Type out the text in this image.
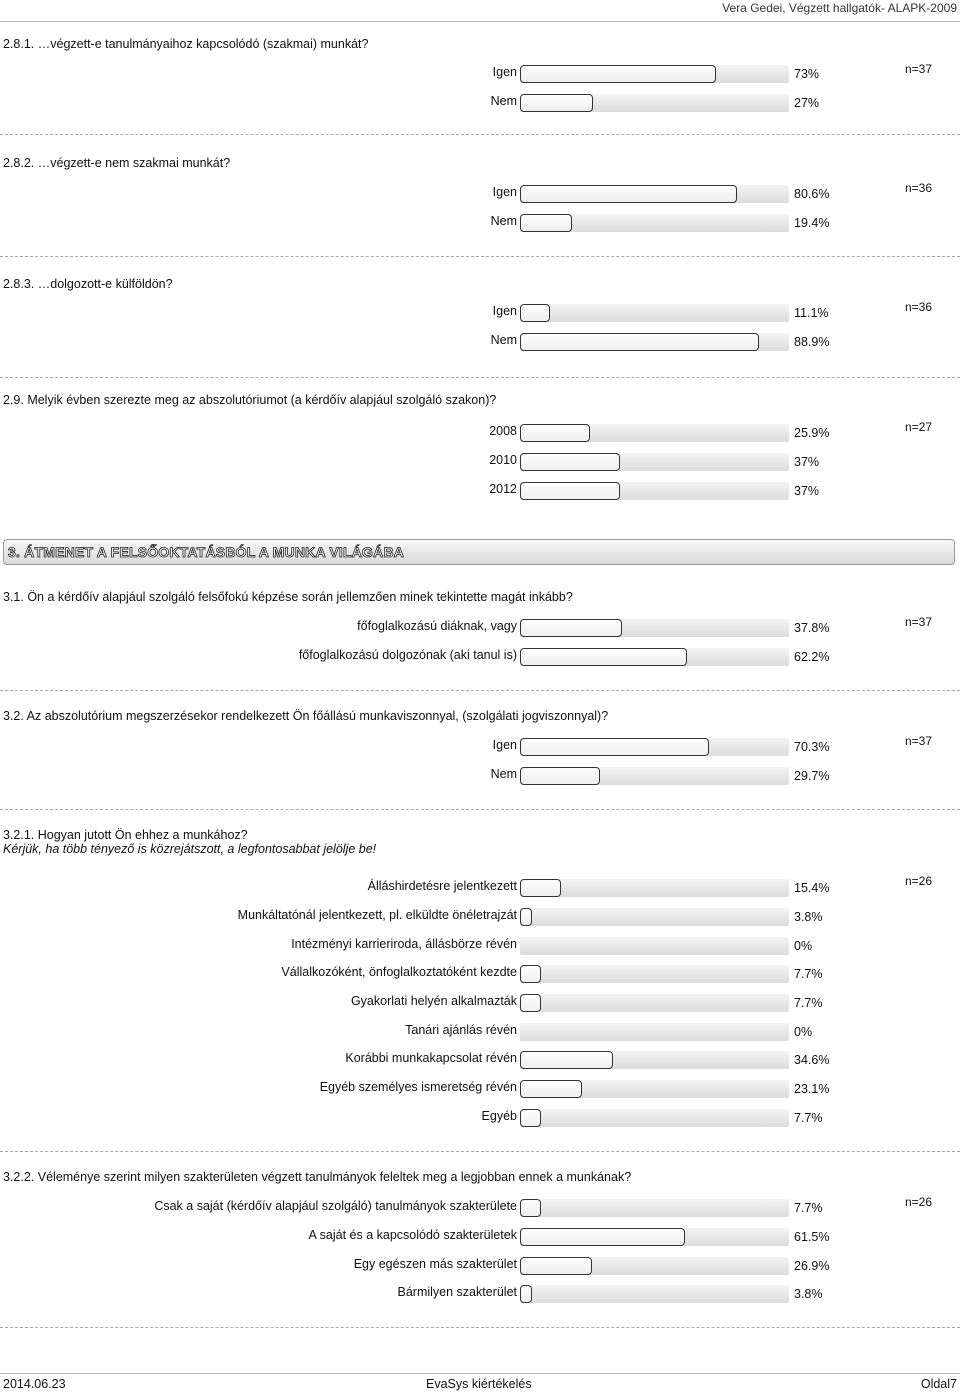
Vera Gedei, Végzett hallgatók- ALAPK-2009
2.8.1. …végzett-e tanulmányaihoz kapcsolódó (szakmai) munkát?
n=37
Igen	73%
Nem	27%
2.8.2. …végzett-e nem szakmai munkát?
n=36
Igen	80.6%
Nem	19.4%
2.8.3. …dolgozott-e külföldön?
n=36
Igen	11.1%
Nem	88.9%
2.9. Melyik évben szerezte meg az abszolutóriumot (a kérdőív alapjául szolgáló szakon)?
n=27
2008	25.9%
2010	37%
2012	37%
3. ÁTMENET A FELSŐOKTATÁSBÓL A MUNKA VILÁGÁBA
3.1. Ön a kérdőív alapjául szolgáló felsőfokú képzése során jellemzően minek tekintette magát inkább?
n=37
főfoglalkozású diáknak, vagy	37.8%
főfoglalkozású dolgozónak (aki tanul is)	62.2%
3.2. Az abszolutórium megszerzésekor rendelkezett Ön főállású munkaviszonnyal, (szolgálati jogviszonnyal)?
n=37
Igen	70.3%
Nem	29.7%
3.2.1. Hogyan jutott Ön ehhez a munkához?
Kérjük, ha több tényező is közrejátszott, a legfontosabbat jelölje be!
n=26
Álláshirdetésre jelentkezett	15.4%
Munkáltatónál jelentkezett, pl. elküldte önéletrajzát	3.8%
Intézményi karrieriroda, állásbörze révén	0%
Vállalkozóként, önfoglalkoztatóként kezdte	7.7%
Gyakorlati helyén alkalmazták	7.7%
Tanári ajánlás révén	0%
Korábbi munkakapcsolat révén	34.6%
Egyéb személyes ismeretség révén	23.1%
Egyéb	7.7%
3.2.2. Véleménye szerint milyen szakterületen végzett tanulmányok feleltek meg a legjobban ennek a munkának?
n=26
Csak a saját (kérdőív alapjául szolgáló) tanulmányok szakterülete	7.7%
A saját és a kapcsolódó szakterületek	61.5%
Egy egészen más szakterület	26.9%
Bármilyen szakterület	3.8%
2014.06.23	EvaSys kiértékelés	Oldal7
